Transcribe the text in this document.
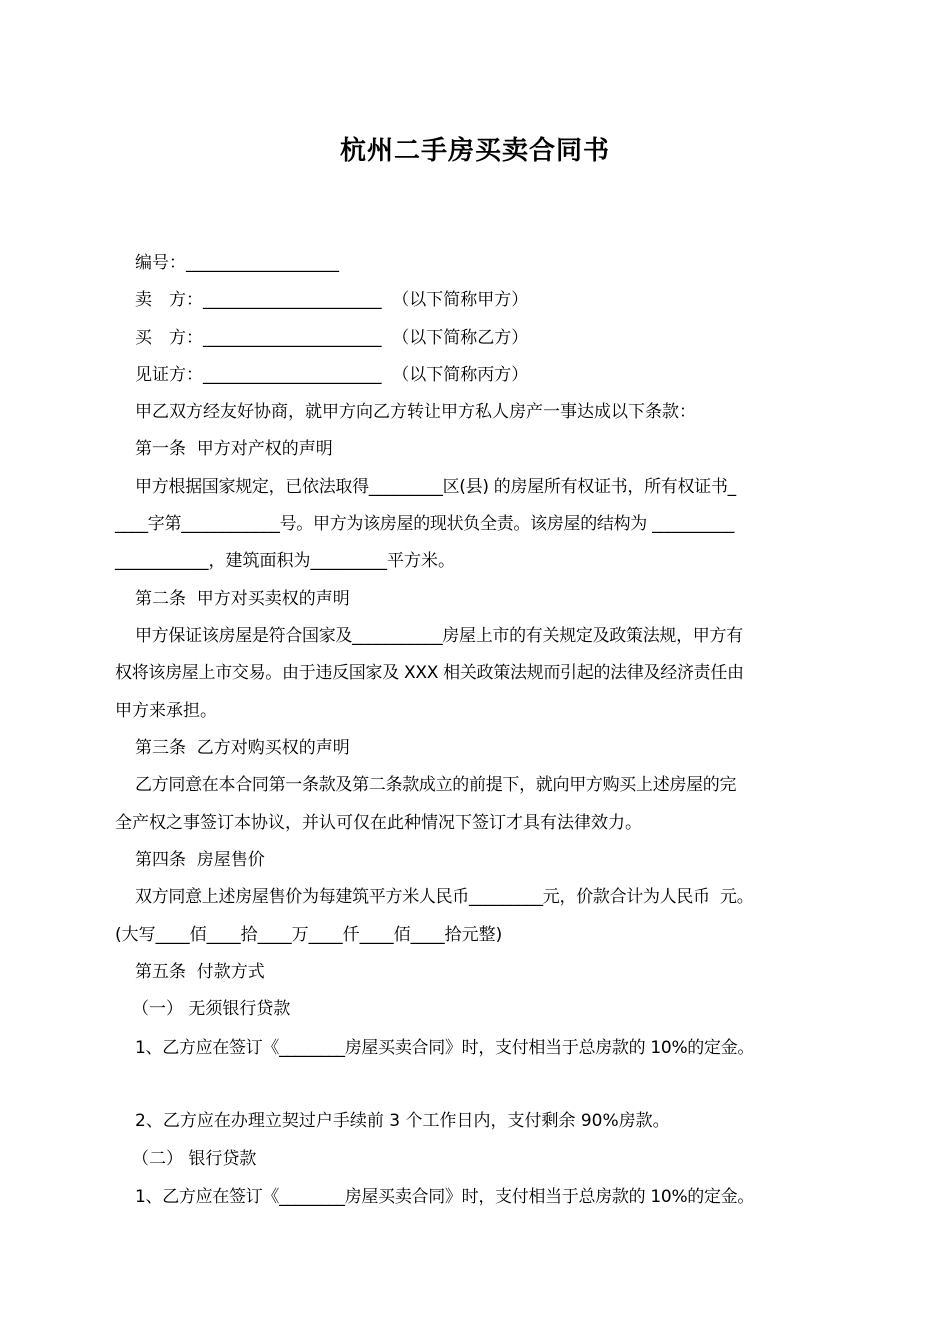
杭州二手房买卖合同书
编号：__________________
卖　方：_____________________  （以下简称甲方）
买　方：_____________________  （以下简称乙方）
见证方：_____________________  （以下简称丙方）
甲乙双方经友好协商，就甲方向乙方转让甲方私人房产一事达成以下条款：
第一条  甲方对产权的声明
甲方根据国家规定，已依法取得_________区(县) 的房屋所有权证书，所有权证书_
____字第____________号。甲方为该房屋的现状负全责。该房屋的结构为 __________
___________，建筑面积为_________平方米。
第二条  甲方对买卖权的声明
甲方保证该房屋是符合国家及___________房屋上市的有关规定及政策法规，甲方有
权将该房屋上市交易。由于违反国家及 XXX 相关政策法规而引起的法律及经济责任由
甲方来承担。
第三条  乙方对购买权的声明
乙方同意在本合同第一条款及第二条款成立的前提下，就向甲方购买上述房屋的完
全产权之事签订本协议，并认可仅在此种情况下签订才具有法律效力。
第四条  房屋售价
双方同意上述房屋售价为每建筑平方米人民币_________元，价款合计为人民币  元。
(大写____佰____拾____万____仟____佰____拾元整)
第五条  付款方式
（一） 无须银行贷款
1、乙方应在签订《________房屋买卖合同》时，支付相当于总房款的 10%的定金。
2、乙方应在办理立契过户手续前 3 个工作日内，支付剩余 90%房款。
（二） 银行贷款
1、乙方应在签订《________房屋买卖合同》时，支付相当于总房款的 10%的定金。
